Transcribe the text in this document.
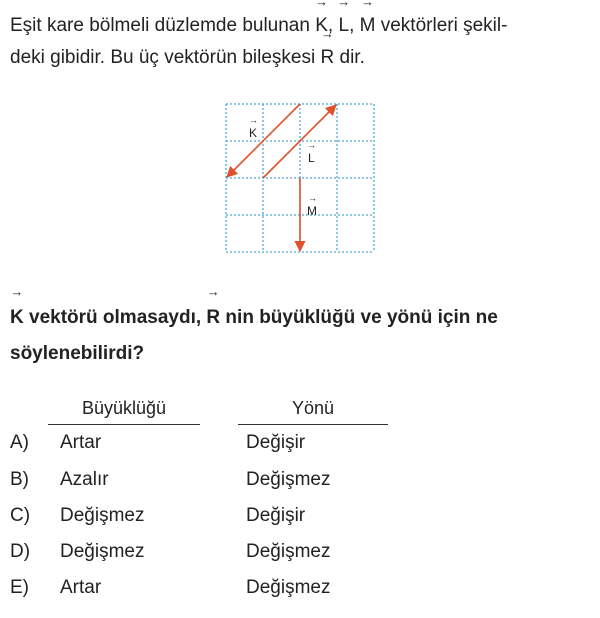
Eşit kare bölmeli düzlemde bulunan → K, → L, → M vektörleri şekil-
deki gibidir. Bu üç vektörün bileşkesi → R dir.
K
→
L
→
M
→
→ K vektörü olmasaydı, → R nin büyüklüğü ve yönü için ne
söylenebilirdi?
Büyüklüğü	Yönü
A) Artar	Değişir
B) Azalır	Değişmez
C) Değişmez	Değişir
D) Değişmez	Değişmez
E) Artar	Değişmez
